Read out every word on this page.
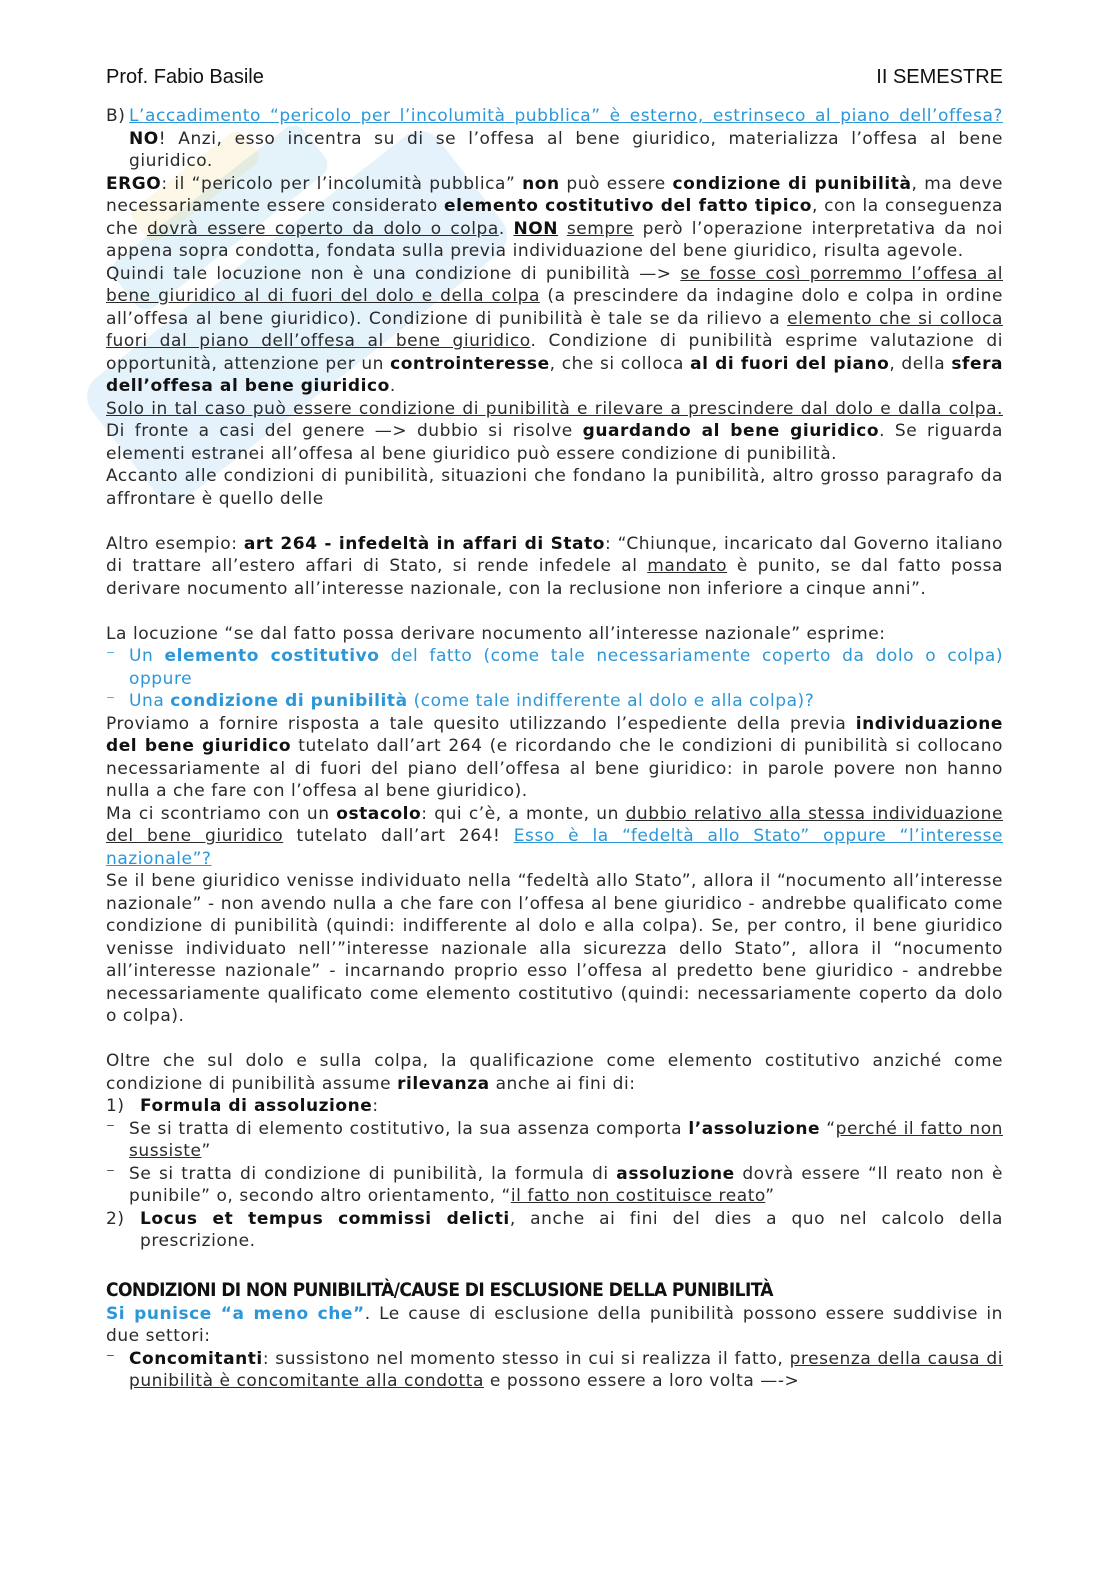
Prof. Fabio Basile	II SEMESTRE
B) L’accadimento “pericolo per l’incolumità pubblica” è esterno, estrinseco al piano dell’offesa? NO! Anzi, esso incentra su di se l’offesa al bene giuridico, materializza l’offesa al bene giuridico.

ERGO: il “pericolo per l’incolumità pubblica” non può essere condizione di punibilità, ma deve necessariamente essere considerato elemento costitutivo del fatto tipico, con la conseguenza che dovrà essere coperto da dolo o colpa. NON sempre però l’operazione interpretativa da noi appena sopra condotta, fondata sulla previa individuazione del bene giuridico, risulta agevole.

Quindi tale locuzione non è una condizione di punibilità —> se fosse così porremmo l’offesa al bene giuridico al di fuori del dolo e della colpa (a prescindere da indagine dolo e colpa in ordine all’offesa al bene giuridico). Condizione di punibilità è tale se da rilievo a elemento che si colloca fuori dal piano dell’offesa al bene giuridico. Condizione di punibilità esprime valutazione di opportunità, attenzione per un controinteresse, che si colloca al di fuori del piano, della sfera dell’offesa al bene giuridico.

Solo in tal caso può essere condizione di punibilità e rilevare a prescindere dal dolo e dalla colpa. Di fronte a casi del genere —> dubbio si risolve guardando al bene giuridico. Se riguarda elementi estranei all’offesa al bene giuridico può essere condizione di punibilità.

Accanto alle condizioni di punibilità, situazioni che fondano la punibilità, altro grosso paragrafo da affrontare è quello delle

Altro esempio: art 264 - infedeltà in affari di Stato: “Chiunque, incaricato dal Governo italiano di trattare all’estero affari di Stato, si rende infedele al mandato è punito, se dal fatto possa derivare nocumento all’interesse nazionale, con la reclusione non inferiore a cinque anni”.

La locuzione “se dal fatto possa derivare nocumento all’interesse nazionale” esprime:

⁻ Un elemento costitutivo del fatto (come tale necessariamente coperto da dolo o colpa) oppure
⁻ Una condizione di punibilità (come tale indifferente al dolo e alla colpa)?

Proviamo a fornire risposta a tale quesito utilizzando l’espediente della previa individuazione del bene giuridico tutelato dall’art 264 (e ricordando che le condizioni di punibilità si collocano necessariamente al di fuori del piano dell’offesa al bene giuridico: in parole povere non hanno nulla a che fare con l’offesa al bene giuridico).

Ma ci scontriamo con un ostacolo: qui c’è, a monte, un dubbio relativo alla stessa individuazione del bene giuridico tutelato dall’art 264! Esso è la “fedeltà allo Stato” oppure “l’interesse nazionale”?

Se il bene giuridico venisse individuato nella “fedeltà allo Stato”, allora il “nocumento all’interesse nazionale” - non avendo nulla a che fare con l’offesa al bene giuridico - andrebbe qualificato come condizione di punibilità (quindi: indifferente al dolo e alla colpa). Se, per contro, il bene giuridico venisse individuato nell’”interesse nazionale alla sicurezza dello Stato”, allora il “nocumento all’interesse nazionale” - incarnando proprio esso l’offesa al predetto bene giuridico - andrebbe necessariamente qualificato come elemento costitutivo (quindi: necessariamente coperto da dolo o colpa).

Oltre che sul dolo e sulla colpa, la qualificazione come elemento costitutivo anziché come condizione di punibilità assume rilevanza anche ai fini di:

1) Formula di assoluzione:
⁻ Se si tratta di elemento costitutivo, la sua assenza comporta l’assoluzione “perché il fatto non sussiste”
⁻ Se si tratta di condizione di punibilità, la formula di assoluzione dovrà essere “Il reato non è punibile” o, secondo altro orientamento, “il fatto non costituisce reato”
2) Locus et tempus commissi delicti, anche ai fini del dies a quo nel calcolo della prescrizione.
CONDIZIONI DI NON PUNIBILITÀ/CAUSE DI ESCLUSIONE DELLA PUNIBILITÀ

Si punisce “a meno che”. Le cause di esclusione della punibilità possono essere suddivise in due settori:

⁻ Concomitanti: sussistono nel momento stesso in cui si realizza il fatto, presenza della causa di punibilità è concomitante alla condotta e possono essere a loro volta —->
